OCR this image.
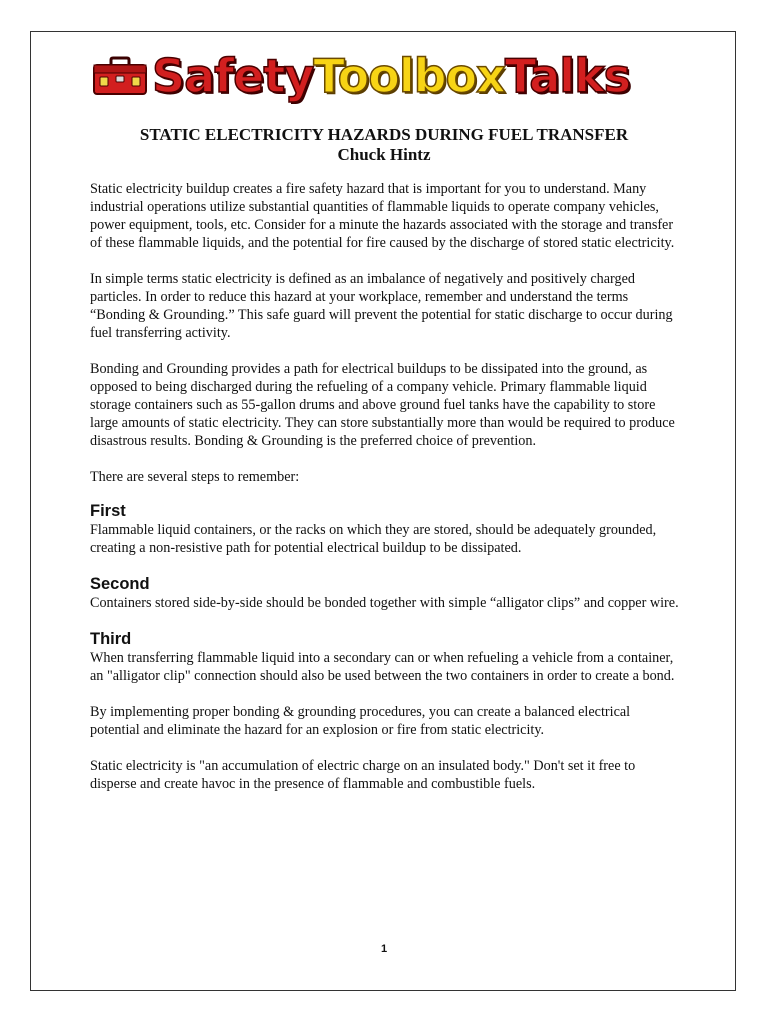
SafetyToolboxTalks

STATIC ELECTRICITY HAZARDS DURING FUEL TRANSFER

Chuck Hintz

Static electricity buildup creates a fire safety hazard that is important for you to understand. Many industrial operations utilize substantial quantities of flammable liquids to operate company vehicles, power equipment, tools, etc. Consider for a minute the hazards associated with the storage and transfer of these flammable liquids, and the potential for fire caused by the discharge of stored static electricity.

In simple terms static electricity is defined as an imbalance of negatively and positively charged particles. In order to reduce this hazard at your workplace, remember and understand the terms “Bonding & Grounding.” This safe guard will prevent the potential for static discharge to occur during fuel transferring activity.

Bonding and Grounding provides a path for electrical buildups to be dissipated into the ground, as opposed to being discharged during the refueling of a company vehicle. Primary flammable liquid storage containers such as 55-gallon drums and above ground fuel tanks have the capability to store large amounts of static electricity. They can store substantially more than would be required to produce disastrous results. Bonding & Grounding is the preferred choice of prevention.

There are several steps to remember:

First

Flammable liquid containers, or the racks on which they are stored, should be adequately grounded, creating a non-resistive path for potential electrical buildup to be dissipated.

Second

Containers stored side-by-side should be bonded together with simple “alligator clips” and copper wire.

Third

When transferring flammable liquid into a secondary can or when refueling a vehicle from a container, an "alligator clip" connection should also be used between the two containers in order to create a bond.

By implementing proper bonding & grounding procedures, you can create a balanced electrical potential and eliminate the hazard for an explosion or fire from static electricity.

Static electricity is "an accumulation of electric charge on an insulated body." Don't set it free to disperse and create havoc in the presence of flammable and combustible fuels.

1
